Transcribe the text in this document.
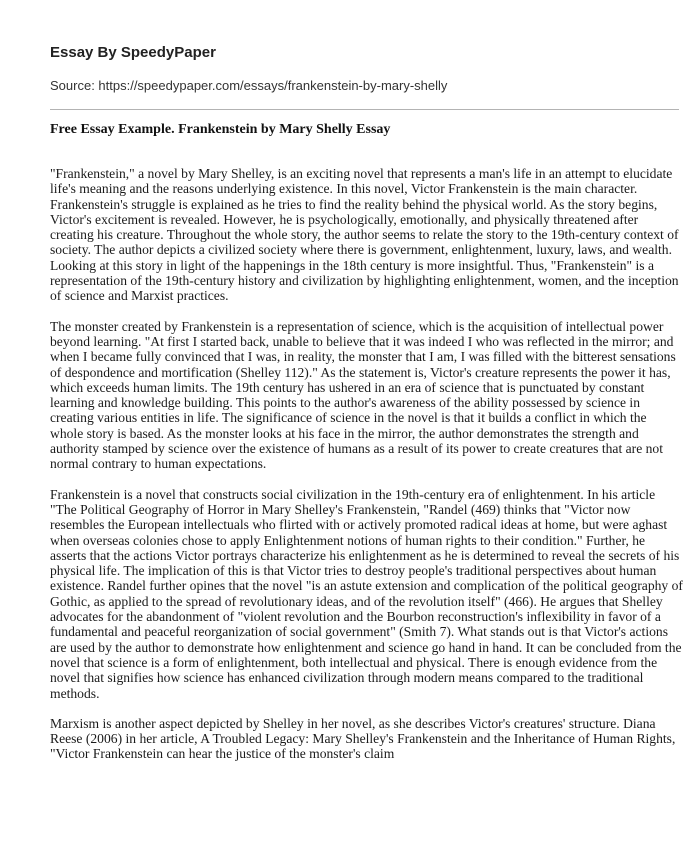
Essay By SpeedyPaper
Source: https://speedypaper.com/essays/frankenstein-by-mary-shelly
Free Essay Example. Frankenstein by Mary Shelly Essay

"Frankenstein," a novel by Mary Shelley, is an exciting novel that represents a man's life in an attempt to elucidate life's meaning and the reasons underlying existence. In this novel, Victor Frankenstein is the main character. Frankenstein's struggle is explained as he tries to find the reality behind the physical world. As the story begins, Victor's excitement is revealed. However, he is psychologically, emotionally, and physically threatened after creating his creature. Throughout the whole story, the author seems to relate the story to the 19th-century context of society. The author depicts a civilized society where there is government, enlightenment, luxury, laws, and wealth. Looking at this story in light of the happenings in the 18th century is more insightful. Thus, "Frankenstein" is a representation of the 19th-century history and civilization by highlighting enlightenment, women, and the inception of science and Marxist practices.

The monster created by Frankenstein is a representation of science, which is the acquisition of intellectual power beyond learning. "At first I started back, unable to believe that it was indeed I who was reflected in the mirror; and when I became fully convinced that I was, in reality, the monster that I am, I was filled with the bitterest sensations of despondence and mortification (Shelley 112)." As the statement is, Victor's creature represents the power it has, which exceeds human limits. The 19th century has ushered in an era of science that is punctuated by constant learning and knowledge building. This points to the author's awareness of the ability possessed by science in creating various entities in life. The significance of science in the novel is that it builds a conflict in which the whole story is based. As the monster looks at his face in the mirror, the author demonstrates the strength and authority stamped by science over the existence of humans as a result of its power to create creatures that are not normal contrary to human expectations.

Frankenstein is a novel that constructs social civilization in the 19th-century era of enlightenment. In his article "The Political Geography of Horror in Mary Shelley's Frankenstein, "Randel (469) thinks that "Victor now resembles the European intellectuals who flirted with or actively promoted radical ideas at home, but were aghast when overseas colonies chose to apply Enlightenment notions of human rights to their condition." Further, he asserts that the actions Victor portrays characterize his enlightenment as he is determined to reveal the secrets of his physical life. The implication of this is that Victor tries to destroy people's traditional perspectives about human existence. Randel further opines that the novel "is an astute extension and complication of the political geography of Gothic, as applied to the spread of revolutionary ideas, and of the revolution itself" (466). He argues that Shelley advocates for the abandonment of "violent revolution and the Bourbon reconstruction's inflexibility in favor of a fundamental and peaceful reorganization of social government" (Smith 7). What stands out is that Victor's actions are used by the author to demonstrate how enlightenment and science go hand in hand. It can be concluded from the novel that science is a form of enlightenment, both intellectual and physical. There is enough evidence from the novel that signifies how science has enhanced civilization through modern means compared to the traditional methods.

Marxism is another aspect depicted by Shelley in her novel, as she describes Victor's creatures' structure. Diana Reese (2006) in her article, A Troubled Legacy: Mary Shelley's Frankenstein and the Inheritance of Human Rights, "Victor Frankenstein can hear the justice of the monster's claim
